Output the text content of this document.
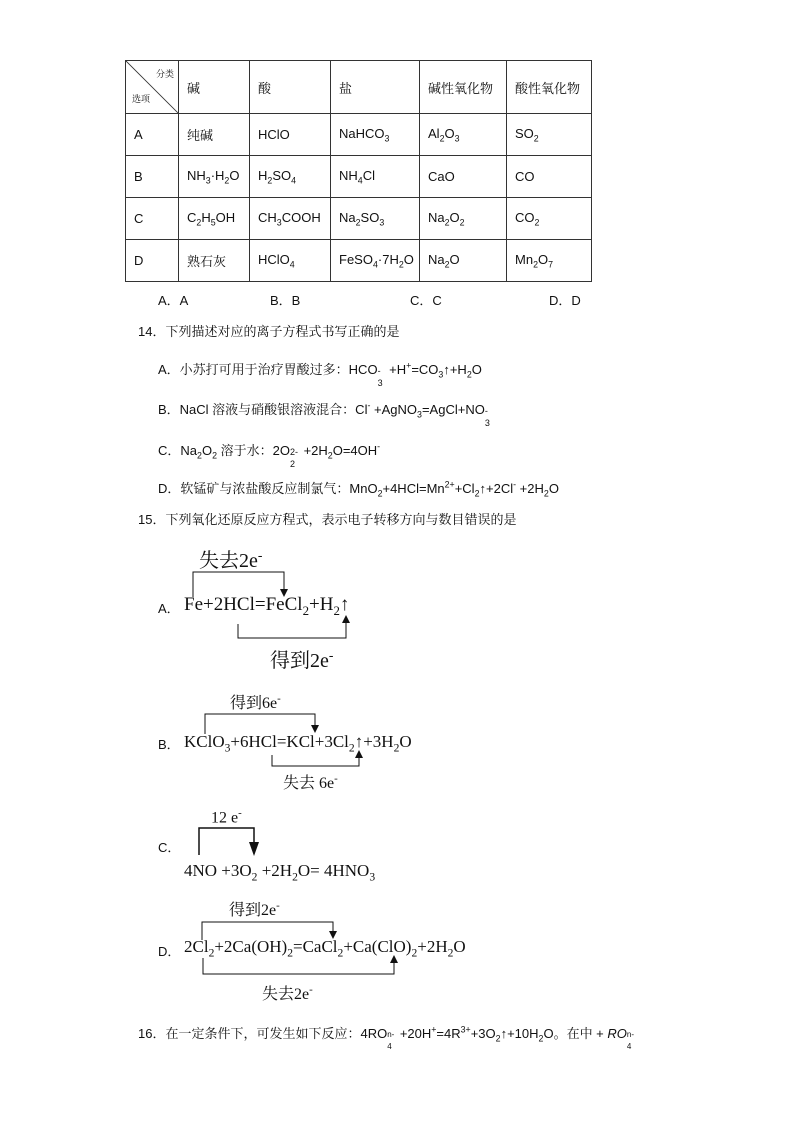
分类
选项	碱	酸	盐	碱性氧化物	酸性氧化物
A	纯碱	HClO	NaHCO$_3$	$Al_2O_3$	$SO_2$
B	$NH_3\cdot H_2O$	$H_2SO_4$	$NH_4Cl$	CaO	CO
C	$C_2H_5OH$	$CH_3COOH$	$Na_2SO_3$	$Na_2O_2$	$CO_2$
D	熟石灰	HClO$_4$	$FeSO_4\cdot 7H_2O$	$Na_2O$	$Mn_2O_7$
A．A	B．B	C．C	D．D
14．下列描述对应的离子方程式书写正确的是
A．小苏打可用于治疗胃酸过多：HCO -
3
$+H^+=CO_3↑+H_2O$
B．NaCl 溶液与硝酸银溶液混合：Cl- +AgNO$_3$=AgCl+NO -
3
C．$Na_2O_2$ 溶于水：2O 2-
2
$+2H_2O=4OH^-$
D．软锰矿与浓盐酸反应制氯气：$MnO_2+4HCl=Mn^{2+}+Cl_2↑+2Cl^- +2H_2O$
15．下列氧化还原反应方程式，表示电子转移方向与数目错误的是
失去2e-
A． $Fe+2HCl=FeCl_2+H_2↑$
得到2e-
得到6e-
B． $KClO_3+6HCl=KCl+3Cl_2↑+3H_2O$
失去 6e-
12 e-
C．
$4NO +3O_2 +2H_2O= 4HNO_3$
得到2e-
D． $2Cl_2+2Ca(OH)_2=CaCl_2+Ca(ClO)_2+2H_2O$
失去2e-
16．在一定条件下，可发生如下反应：4RO n-
4
$+20H^+=4R^{3+}+3O_2↑+10H_2O$。在中 + RO n-
4
